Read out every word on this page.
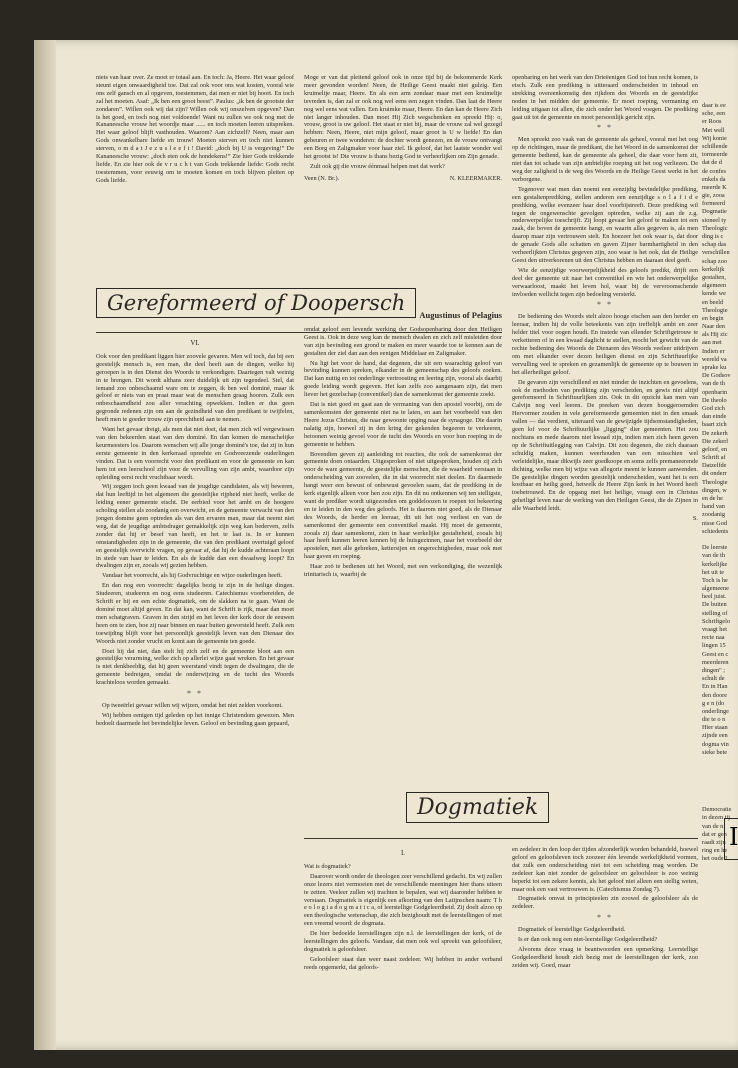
niets van haar over. Ze moet er totaal aan. En toch: Ja, Heere. Het waar geloof steunt eigen onwaardigheid toe. Dat zal ook voor ons wat kosten, vooral wie ons zelf gansch en al opgeven, toestemmen, dat men er niet bij hoort. En toch zal het moeten. Asaf: „Ik ben een groot beest”. Paulus: „ik ben de grootste der zondaren”. Willen ook wij dat zijn? Willen ook wij onszelven opgeven? Dan is het goed, en toch nog niet voldoende! Want nu zullen we ook nog met de Kananeesche vrouw het woordje maar ...... en toch moeten leeren uitspreken. Het waar geloof blijft vasthouden. Waarom? Aan zichzelf? Neen, maar aan Gods onwankelbare liefde en trouw! Moeten sterven en toch niet kunnen sterven, o m d a t J e z u s l e e f t ! David: „doch bij U is vergeving!” De Kananeesche vrouw: „doch eten ook de hondekens!” Zie hier Gods trekkende liefde. En zie hier ook de v r u c h t van Gods trekkende liefde: Gods recht toestemmen, voor eeuwig om te moeten komen en toch blijven pleiten op Gods liefde.

Moge er van dat pleitend geloof ook in onze tijd bij de bekommerde Kerk meer gevonden worden! Neen, de Heilige Geest maakt niet gulzig. Een kruimeltje maar, Heere. En als een arm zondaar maar met een kruimeltje tevreden is, dan zal er ook nog wel eens een zegen vinden. Dan laat de Heere nog wel eens wat vallen. Een kruimke maar, Heere. En dan kan de Heere Zich niet langer inhouden. Dan moet Hij Zich wegschenken en spreekt Hij: o, vrouw, groot is uw geloof. Het staat er niet bij, maar de vrouw zal wel gezegd hebben: Neen, Heere, niet mijn geloof, maar groot is U w liefde! En dan gebeuren er twee wonderen: de dochter wordt genezen, en de vrouw ontvangt een Borg en Zaligmaker voor haar ziel. Ik geloof, dat het laatste wonder wel het grootst is! Die vrouw is thans bezig God te verheerlijken om Zijn genade.

Zult ook gij die vrouw éénmaal helpen met dat werk?

Veen (N. Br.).	N. KLEERMAKER.
Gereformeerd of Doopersch
VI.

Ook voor den predikant liggen hier zoovele gevaren. Men wil toch, dat bij een geestelijk mensch is, een man, die deel heeft aan de dingen, welke hij geroepen is in den Dienst des Woords te verkondigen. Daartegen valt weinig in te brengen. Dit wordt althans zeer duidelijk uit zijn tegendeel. Stel, dat iemand zoo onbeschaamd ware om te zeggen, ik ben wel dominé, maar ik geloof er niets van en praat maar wat de menschen graag hooren. Zulk een onbeschaamdheid zou aller verachting opwekken. Indien er dus geen gegronde redenen zijn om aan de gezindheid van den predikant te twijfelen, heeft men te goeder trouw zijn oprechtheid aan te nemen.

Want het gevaar dreigt, als men dat niet doet, dat men zich wil vergewissen van den bekeerden staat van den dominé. En dan komen de menschelijke keurmeesters los. Daarom wenschen wij alle jonge dominé's toe, dat zij in hun eerste gemeente in den kerkeraad opreehte en Godvreezende ouderlingen vinden. Dat is een voorrecht voor den predikant en voor de gemeente en kan hem tot een leerschool zijn voor de vervulling van zijn ambt, waardoor zijn opleiding eerst recht vruchtbaar wordt.

Wij zeggen toch geen kwaad van de jeugdige candidaten, als wij beweren, dat hun leeftijd in het algemeen die geestelijke rijpheid niet heeft, welke de leiding eener gemeente eischt. De eerbied voor het ambt en de hoogere scholing stellen als zoodanig een overwicht, en de gemeente verwacht van den jongen domine geen optreden als van den ervaren man, maar dat neemt niet weg, dat de jeugdige ambtsdrager gemakkelijk zijn weg kan bederven, zelfs zonder dat hij er besef van heeft, en het te laat is. In er kunnen omstandigheden zijn in de gemeente, die van den predikant overtuigd geloof en geestelijk overwicht vragen, op gevaar af, dat hij de kudde achteraan loopt in stede van haar te leiden. En als de kudde dan een dwaalweg loopt? En dwalingen zijn er, zooals wij gezien hebben.

Vandaar het voorrecht, als hij Godvruchtige en wijze ouderlingen heeft.

En dan nog een voorrecht: dagelijks bezig te zijn in de heilige dingen. Studeeren, studeeren en nog eens studeeren. Catechismus voorbereiden, de Schrift er bij en een echte dogmatiek, om de slakken na te gaan. Want de dominé moet altijd geven. En dat kan, want de Schrift is rijk, maar dan moet men schatgraven. Graven in den strijd en het leven der kerk door de eeuwen heen om te zien, hoe zij naar binnen en naar buiten geworsteld heeft. Zulk een toewijding blijft voor het persoonlijk geestelijk leven van den Dienaar des Woords niet zonder vrucht en komt aan de gemeente ten goede.

Doet hij dat niet, dan stelt hij zich zelf en de gemeente bloot aan een geestelijke verarming, welke zich op allerlei wijze gaat wreken. En het gevaar is niet denkbeeldig, dat hij geen weerstand vindt tegen de dwalingen, die de gemeente bedreigen, omdat de onderwijzing en de tucht des Woords krachteloos worden gemaakt.

* *

Op tweeërlei gevaar willen wij wijzen, omdat het niet zelden voorkomt.

Wij hebben eenigen tijd geleden op het innige Christendom gewezen. Men bedoelt daarmede het bevindelijke leven. Geloof en bevinding gaan gepaard,

Augustinus of Pelagius

omdat geloof een levende werking der Godsopenbaring door den Heiligen Geest is. Ook in deze weg kan de mensch dwalen en zich zelf misleiden door van zijn bevinding een grond te maken en meer waarde toe te kennen aan de gestalten der ziel dan aan den eenigen Middelaar en Zaligmaker.

Nu ligt het voor de hand, dat degenen, die uit een waarachtig geloof van bevinding kunnen spreken, elkander in de gemeenschap des geloofs zoeken. Dat kan nuttig en tot onderlinge vertroosting en leering zijn, vooral als daarbij goede leiding wordt gegeven. Het kan zelfs zoo aangenaam zijn, dat men liever het gezelschap (conventikel) dan de samenkomst der gemeente zoekt.

Dat is niet goed en gaat aan de vermaning van den apostel voorbij, om de samenkomsten der gemeente niet na te laten, en aan het voorbeeld van den Heere Jezus Christus, die naar gewoonte opging naar de synagoge. Die daarin nalatig zijn, hoewel zij in den kring der gekenden begeeren te verkeeren, betoonen weinig gevoel voor de tucht des Woords en voor hun roeping in de gemeente te hebben.

Bovendien geven zij aanleiding tot reacties, die ook de samenkomst der gemeente doen ontaarden. Uitgesproken of niet uitgesproken, houden zij zich voor de ware gemeente, de geestelijke menschen, die de waarheid verstaan in onderscheiding van zoovelen, die in dat voorrecht niet deelen. En daarmede hangt weer een bewust of onbewust gevoelen saam, dat de prediking in de kerk eigenlijk alleen voor hen zou zijn. En dit nu ontkennen wij ten stelligste, want de prediker wordt uitgezonden om goddeloozen te roepen tot bekeering en te leiden in den weg des geloofs. Het is daarom niet goed, als de Dienaar des Woords, de herder en leeraar, dit uit het oog verliest en van de samenkomst der gemeente een conventikel maakt. Hij moet de gemeente, zooals zij daar samenkomt, zien in haar werkelijke gestalteheid, zooals hij haar heeft kunnen leeren kennen bij de huisgezinnen, naar het voorbeeld der apostelen, met alle gebreken, kettersijen en ongerechtigheden, maar ook met haar gaven en roeping.

Haar zoö te bedienen uit het Woord, met een verkondiging, die wezenlijk trinitarisch is, waarbij de

openbaring en het werk van den Drieëenigen God tot hun recht komen, is eisch. Zulk een prediking is uitteraard onderscheiden in inhoud en strekking overeenkomstig den rijkdom des Woords en de geestelijke noden in het midden der gemeente. Er moet roeping, vermaning en leiding uitgaan tot allen, die zich onder het Woord voegen. De prediking gaat uit tot de gemeente en moet persoonlijk gericht zijn.

* *

Men spreekt zoo vaak van de gemeente als geheel, vooral met het oog op de richtingen, maar de predikant, die het Woord in de samenkomst der gemeente bediend, kan de gemeente als geheel, die daar voor hem zit, niet dan tot schade van zijn ambtelijke roeping uit het oog verliezen. De weg der zaligheid is de weg des Woords en de Heilige Geest werkt in het verborgene.

Tegenover wat men dan noemt een eenzijdig bevindelijke prediking, een gestaltenprediking, stellen anderen een eenzijdige s o l a f i d e prediking, welke evenzeer haar doel voorbijstreeft. Deze prediking wil tegen de ongewenschte gevolgen optreden, welke zij aan de z.g. onderwerpelijke toeschrijft. Zij loopt gevaar het geloof te maken tot een zaak, die boven de gemeente hangt, en waarin alles gegeven is, als men daarop maar zijn vertrouwen stelt. En hoezeer het ook waar is, dat door de genade Gods alle schatten en gaven Zijner barmhartigheid in den verheerlijkten Christus gegeven zijn, zoo waar is het ook, dat de Heilige Geest den uitverkorenen uit den Christus hebben en daaraan deel geeft.

Wie de eenzijdige voorwerpelijkheid des geloofs predikt, drijft een deel der gemeente uit naar het conventikel en wie het onderwerpelijke verwaarloost, maakt het leven hol, waar bij de vervroomschende invloeden wellicht tegen zijn bedoeling versterkt.

* *

De bediening des Woords stelt alzoo hooge eischen aan den herder en leeraar, indien hij de volle beteekenis van zijn treffelijk ambt en zeer helder titel voor oogen houdt. En instede van ellender Schriftgetrouw te verketteren of in een kwaad daglicht te stellen, mocht het gewicht van de rechte bediening des Woords de Dienaren des Woords veeleer uitdrijven om met elkander over dezen heiligen dienst en zijn Schriftuurlijke vervulling veel te spreken en gezamenlijk de gemeente op te bouwen in het allerheiligst geloof.

De gevaren zijn verschillend en niet minder de inzichten en gevoelens, ook de methoden van prediking zijn verscheiden, en gewis niet altijd gereformeerd in Schriftuurlijken zin. Ook in dit opzicht kan men van Calvijn nog veel leeren. De preeken van dezen hooggeroemden Hervormer zouden in vele gereformeerde gemeenten niet in den smaak vallen — dat verdient, uiteraard van de gewijzigde tijdsomstandigheden, geen lof voor de Schriftuurlijke „ligging” dier gemeenten. Het zou nochtans en mede daarom niet kwaad zijn, indien men zich heen geven op de Schriftuitlegging van Calvijn. Dit zou degenen, die zich daaraan schuldig maken, kunnen weerhouden van een misschien wel verleidelijke, maar dikwijls zeer goedkoope en soms zelfs premaneerende dichting, welke men bij wijze van allegorie meent te kunnen aanwenden. De geestelijke dingen worden geestelijk onderscheiden, want het is een kostbaar en heilig goed, hetwelk de Heere Zijn kerk in het Woord heeft toebetrouwd. En de opgang met het heilige, vraagt een in Christus geheiligd leven naar de werking van den Heiligen Geest, die de Zijnen in alle Waarheid leidt.

S.
Dogmatiek
I.

Wat is dogmatiek?

Daarover wordt onder de theologen zeer verschillend gedacht. En wij zullen onze lezers niet vermoeien met de verschillende meeningen hier thans uiteen te zetten. Veeleer zullen wij trachten te bepalen, wat wij daaronder hebben te verstaan. Dogmatiek is eigenlijk een afkorting van den Latijnschen naam: T h e o l o g i a d o g m a t i c a, of leerstellige Godgeleerdheid. Zij doelt alzoo op een theologische wetenschap, die zich bezighoudt met de leerstellingen of met een vreemd woord: de dogmata.

De hier bedoelde leerstellingen zijn n.l. de leerstellingen der kerk, of de leerstellingen des geloofs. Vandaar, dat men ook wel spreekt van geloofsleer, dogmatiek is geloofsleer.

Geloofsleer staat dan weer naast zedeleer. Wij hebben in ander verband reeds opgemerkt, dat geloofs-

en zedeleer in den loop der tijden afzonderlijk worden behandeld, hoewel geloof en geloofsleven toch zoozeer één levende werkelijkheid vormen, dat zulk een onderscheiding niet tot een scheiding mag worden. De zedeleer kan niet zonder de geloofsleer en geloofsleer is zoo weinig beperkt tot een zekere kennis, als het geloof niet alleen een stellig weten, maar ook een vast vertrouwen is. (Catechismus Zondag 7).

Dogmatiek omvat in principieelen zin zoowel de geloofsleer als de zedeleer.

* *

Dogmatiek of leerstellige Godgeleerdheid.

Is er dan ook nog een niet-leerstellige Godgeleerdheid?

Alvorens deze vraag te beantwoorden een opmerking. Leerstellige Godgeleerdheid houdt zich bezig met de leerstellingen der kerk, zoo zeiden wij. Goed, maar

daar is ee
sche, een
er Roos
Met well
Wij konie
schillende
tormeerde
dat de d
de confes
enkels da
meerde K
gie, zooa
formeerd
Dogmatie
sioneel ty
Theologic
ding is c
schap das
verschillen
schap zoo
kerkelijk
gestalten,
algemeen
kende we
en beeld
Theologie
en begin
Naar den
als Hij zic
aan met
Indien er
wereld va
sprake ku
De Godsov
van de th
openbarin
De theolo
God zich
dan einde
baart zich
De zekerh
Die zekerl
geloof, en
Schrift af
Datzelfde
dit onderr
Theologie
dingen, w
en de he
hand van
zoodanig
nisse God
schiedenis
De leerste
van de th
kerkelijke
het uit te
Toch is he
algemeene
heel juist.
De buiten
stelling of
Schriftgelo
vraagt het
recte naa
lingen 15
Geest en c
meerderen
dingen" ;
schult de
En in Han
den doore
g e n (do
onderlinge
die te o n
Hier staan
zijnde een
dogma vin
sieke bete
Democratie
in dezen tij
van de ni
dat er gen
raadt zijn
ring en he
het oude I
I
